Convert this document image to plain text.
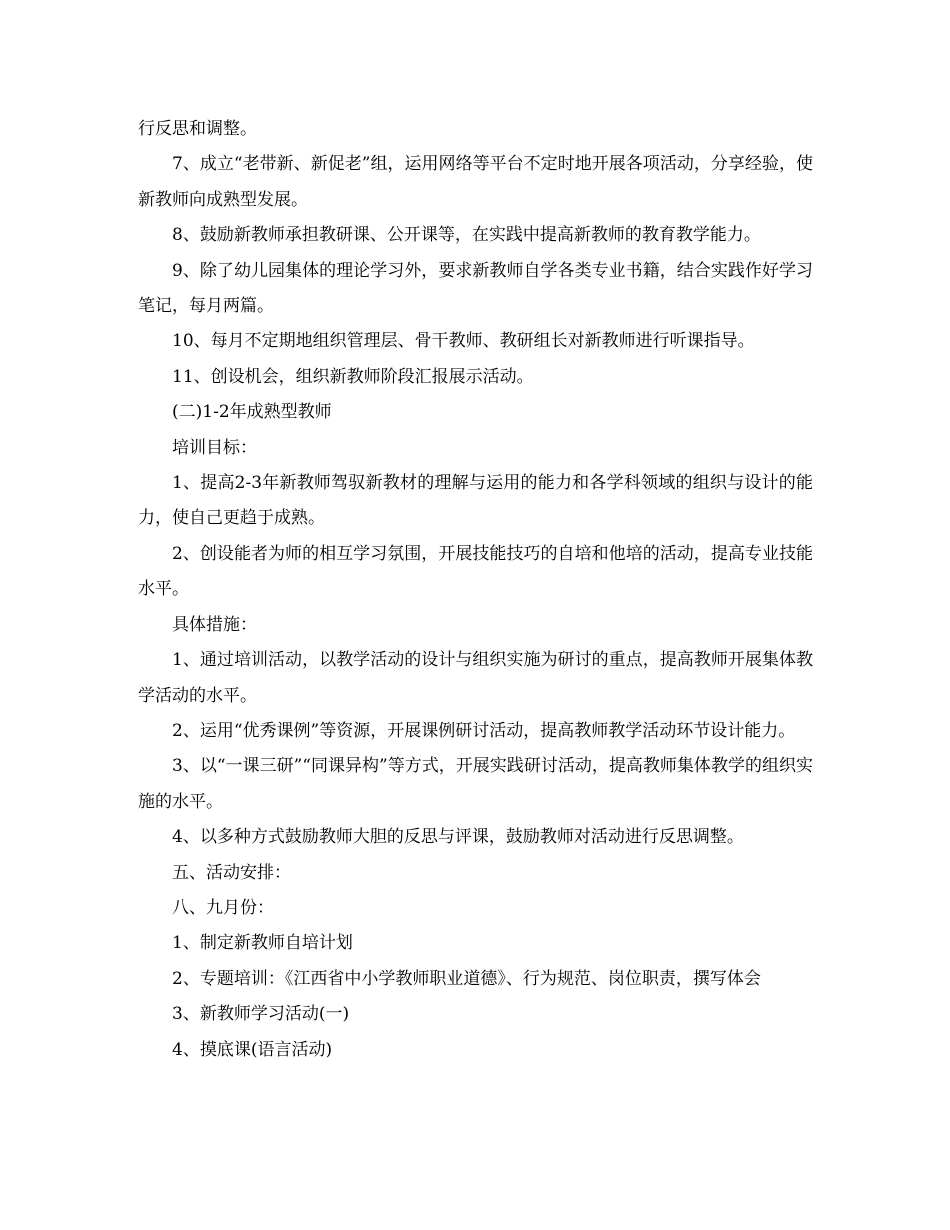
行反思和调整。

7、成立“老带新、新促老”组，运用网络等平台不定时地开展各项活动，分享经验，使新教师向成熟型发展。

8、鼓励新教师承担教研课、公开课等，在实践中提高新教师的教育教学能力。

9、除了幼儿园集体的理论学习外，要求新教师自学各类专业书籍，结合实践作好学习笔记，每月两篇。

10、每月不定期地组织管理层、骨干教师、教研组长对新教师进行听课指导。

11、创设机会，组织新教师阶段汇报展示活动。

(二)1-2年成熟型教师

培训目标：

1、提高2-3年新教师驾驭新教材的理解与运用的能力和各学科领域的组织与设计的能力，使自己更趋于成熟。

2、创设能者为师的相互学习氛围，开展技能技巧的自培和他培的活动，提高专业技能水平。

具体措施：

1、通过培训活动，以教学活动的设计与组织实施为研讨的重点，提高教师开展集体教学活动的水平。

2、运用“优秀课例”等资源，开展课例研讨活动，提高教师教学活动环节设计能力。

3、以“一课三研”“同课异构”等方式，开展实践研讨活动，提高教师集体教学的组织实施的水平。

4、以多种方式鼓励教师大胆的反思与评课，鼓励教师对活动进行反思调整。

五、活动安排：

八、九月份：

1、制定新教师自培计划

2、专题培训：《江西省中小学教师职业道德》、行为规范、岗位职责，撰写体会

3、新教师学习活动(一)

4、摸底课(语言活动)
